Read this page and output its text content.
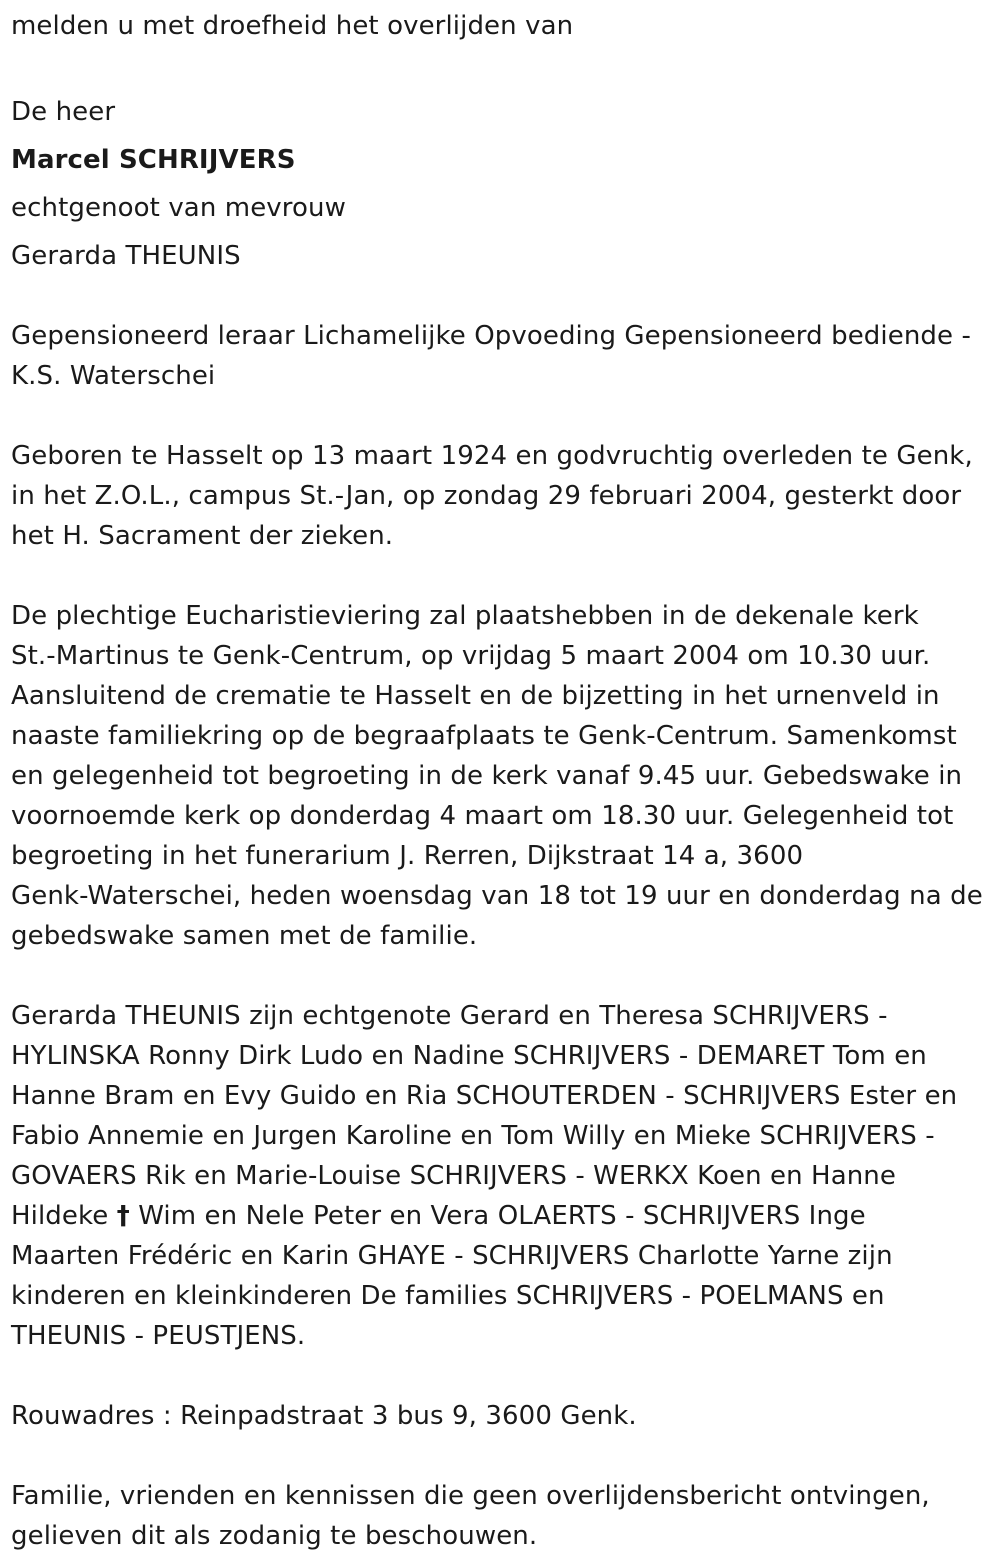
melden u met droefheid het overlijden van
De heer
Marcel SCHRIJVERS
echtgenoot van mevrouw
Gerarda THEUNIS
Gepensioneerd leraar Lichamelijke Opvoeding Gepensioneerd bediende -
K.S. Waterschei
Geboren te Hasselt op 13 maart 1924 en godvruchtig overleden te Genk,
in het Z.O.L., campus St.-Jan, op zondag 29 februari 2004, gesterkt door
het H. Sacrament der zieken.
De plechtige Eucharistieviering zal plaatshebben in de dekenale kerk
St.-Martinus te Genk-Centrum, op vrijdag 5 maart 2004 om 10.30 uur.
Aansluitend de crematie te Hasselt en de bijzetting in het urnenveld in
naaste familiekring op de begraafplaats te Genk-Centrum. Samenkomst
en gelegenheid tot begroeting in de kerk vanaf 9.45 uur. Gebedswake in
voornoemde kerk op donderdag 4 maart om 18.30 uur. Gelegenheid tot
begroeting in het funerarium J. Rerren, Dijkstraat 14 a, 3600
Genk-Waterschei, heden woensdag van 18 tot 19 uur en donderdag na de
gebedswake samen met de familie.
Gerarda THEUNIS zijn echtgenote Gerard en Theresa SCHRIJVERS -
HYLINSKA Ronny Dirk Ludo en Nadine SCHRIJVERS - DEMARET Tom en
Hanne Bram en Evy Guido en Ria SCHOUTERDEN - SCHRIJVERS Ester en
Fabio Annemie en Jurgen Karoline en Tom Willy en Mieke SCHRIJVERS -
GOVAERS Rik en Marie-Louise SCHRIJVERS - WERKX Koen en Hanne
Hildeke † Wim en Nele Peter en Vera OLAERTS - SCHRIJVERS Inge
Maarten Frédéric en Karin GHAYE - SCHRIJVERS Charlotte Yarne zijn
kinderen en kleinkinderen De families SCHRIJVERS - POELMANS en
THEUNIS - PEUSTJENS.
Rouwadres : Reinpadstraat 3 bus 9, 3600 Genk.
Familie, vrienden en kennissen die geen overlijdensbericht ontvingen,
gelieven dit als zodanig te beschouwen.
